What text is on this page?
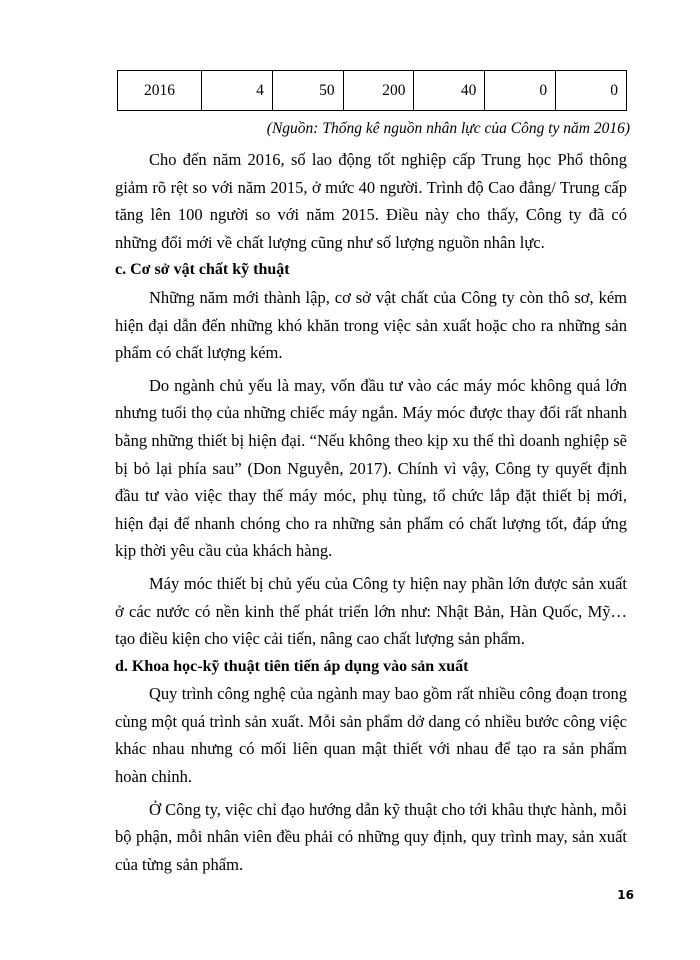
2016	4	50	200	40	0	0
(Nguồn: Thống kê nguồn nhân lực của Công ty năm 2016)

Cho đến năm 2016, số lao động tốt nghiệp cấp Trung học Phổ thông giảm rõ rệt so với năm 2015, ở mức 40 người. Trình độ Cao đẳng/ Trung cấp tăng lên 100 người so với năm 2015. Điều này cho thấy, Công ty đã có những đổi mới về chất lượng cũng như số lượng nguồn nhân lực.

c. Cơ sở vật chất kỹ thuật

Những năm mới thành lập, cơ sở vật chất của Công ty còn thô sơ, kém hiện đại dẫn đến những khó khăn trong việc sản xuất hoặc cho ra những sản phẩm có chất lượng kém.

Do ngành chủ yếu là may, vốn đầu tư vào các máy móc không quá lớn nhưng tuổi thọ của những chiếc máy ngắn. Máy móc được thay đổi rất nhanh bằng những thiết bị hiện đại. “Nếu không theo kịp xu thế thì doanh nghiệp sẽ bị bỏ lại phía sau” (Don Nguyễn, 2017). Chính vì vậy, Công ty quyết định đầu tư vào việc thay thế máy móc, phụ tùng, tổ chức lắp đặt thiết bị mới, hiện đại để nhanh chóng cho ra những sản phẩm có chất lượng tốt, đáp ứng kịp thời yêu cầu của khách hàng.

Máy móc thiết bị chủ yếu của Công ty hiện nay phần lớn được sản xuất ở các nước có nền kinh thế phát triển lớn như: Nhật Bản, Hàn Quốc, Mỹ… tạo điều kiện cho việc cải tiến, nâng cao chất lượng sản phẩm.

d. Khoa học-kỹ thuật tiên tiến áp dụng vào sản xuất

Quy trình công nghệ của ngành may bao gồm rất nhiều công đoạn trong cùng một quá trình sản xuất. Mỗi sản phẩm dở dang có nhiều bước công việc khác nhau nhưng có mối liên quan mật thiết với nhau để tạo ra sản phẩm hoàn chỉnh.

Ở Công ty, việc chỉ đạo hướng dẫn kỹ thuật cho tới khâu thực hành, mỗi bộ phận, mỗi nhân viên đều phải có những quy định, quy trình may, sản xuất của từng sản phẩm.

16
